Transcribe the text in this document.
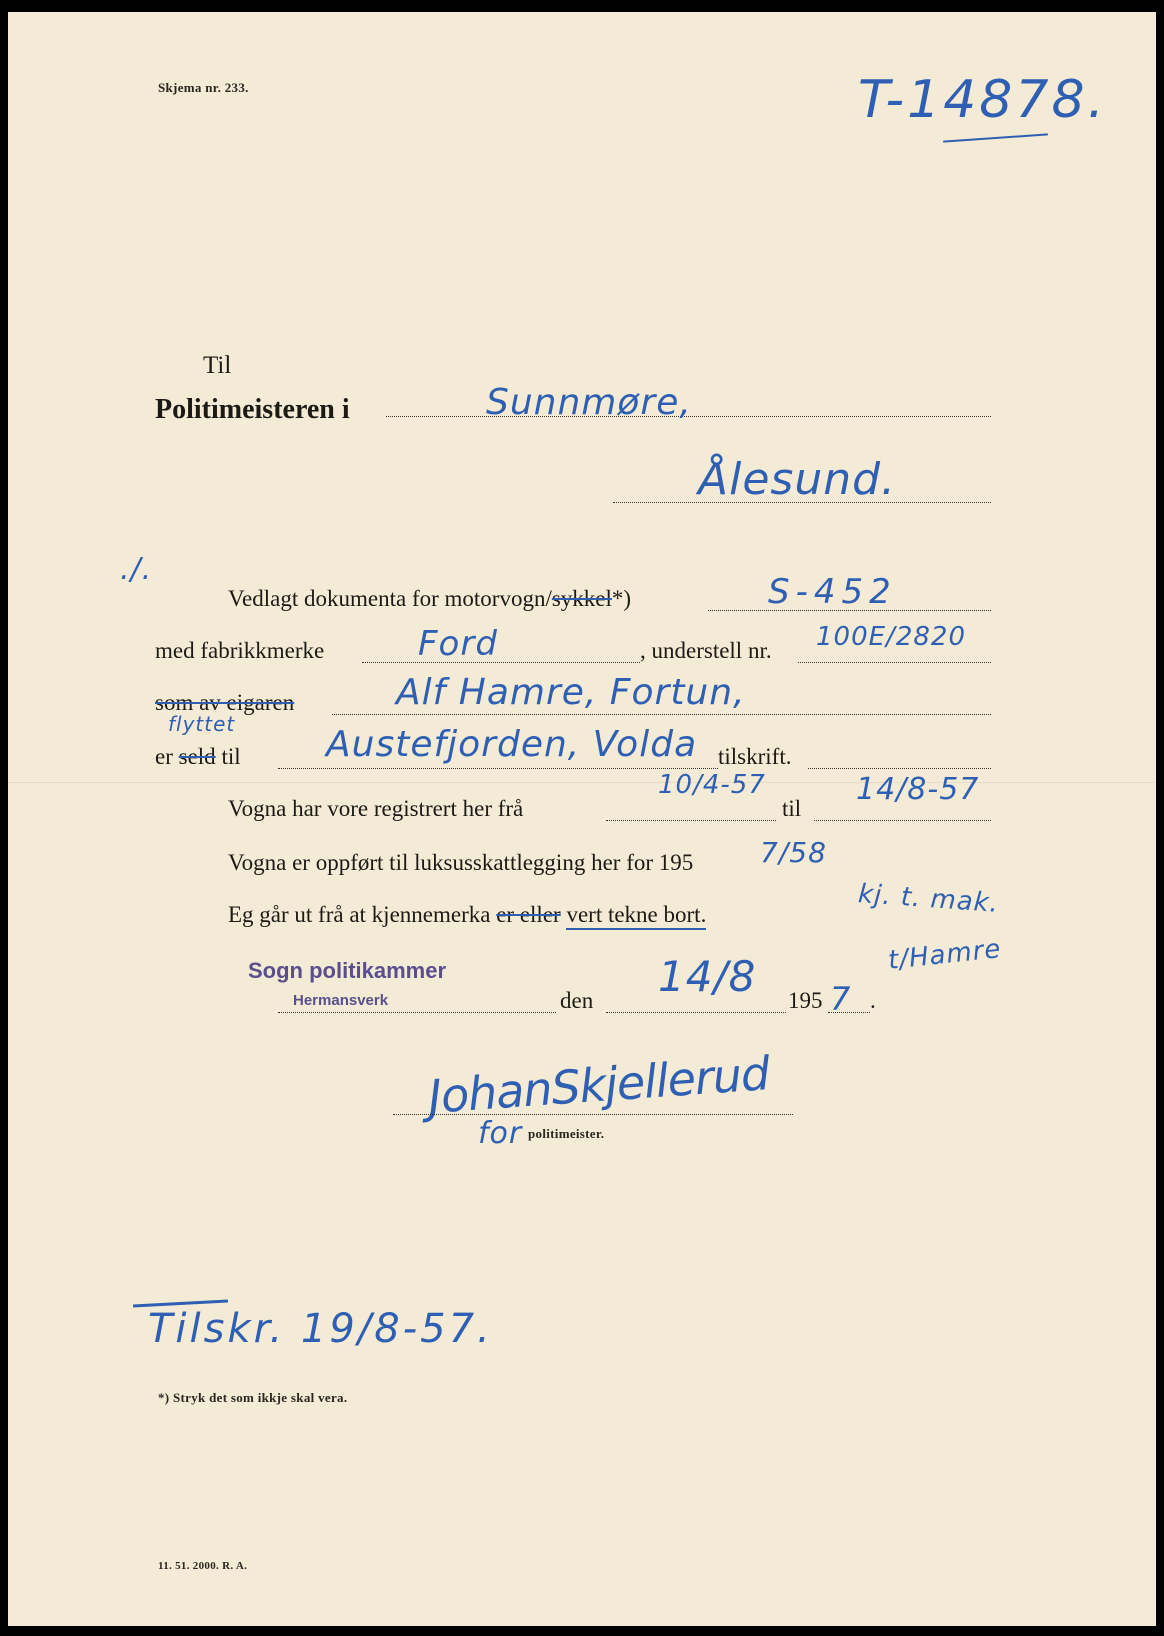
Skjema nr. 233.	T-14878.
Til
Politimeisteren i	Sunnmøre,
Ålesund.
./.
Vedlagt dokumenta for motorvogn/sykkel*)	S-452
med fabrikkmerke	Ford	, understell nr. 100E/2820
som av eigaren	Alf Hamre, Fortun,
flyttet
er seld til Austefjorden, Volda tilskrift.
Vogna har vore registrert her frå
10/4-57
til
14/8-57
Vogna er oppført til luksusskattlegging her for 195 7/58
Eg går ut frå at kjennemerka er eller vert tekne bort.	kj. t. mak.
t/Hamre
Sogn politikammer
Hermansverk	den 14/8 195 7 .
JohanSkjellerud
for politimeister.
Tilskr. 19/8-57.
*) Stryk det som ikkje skal vera.
11. 51. 2000. R. A.
